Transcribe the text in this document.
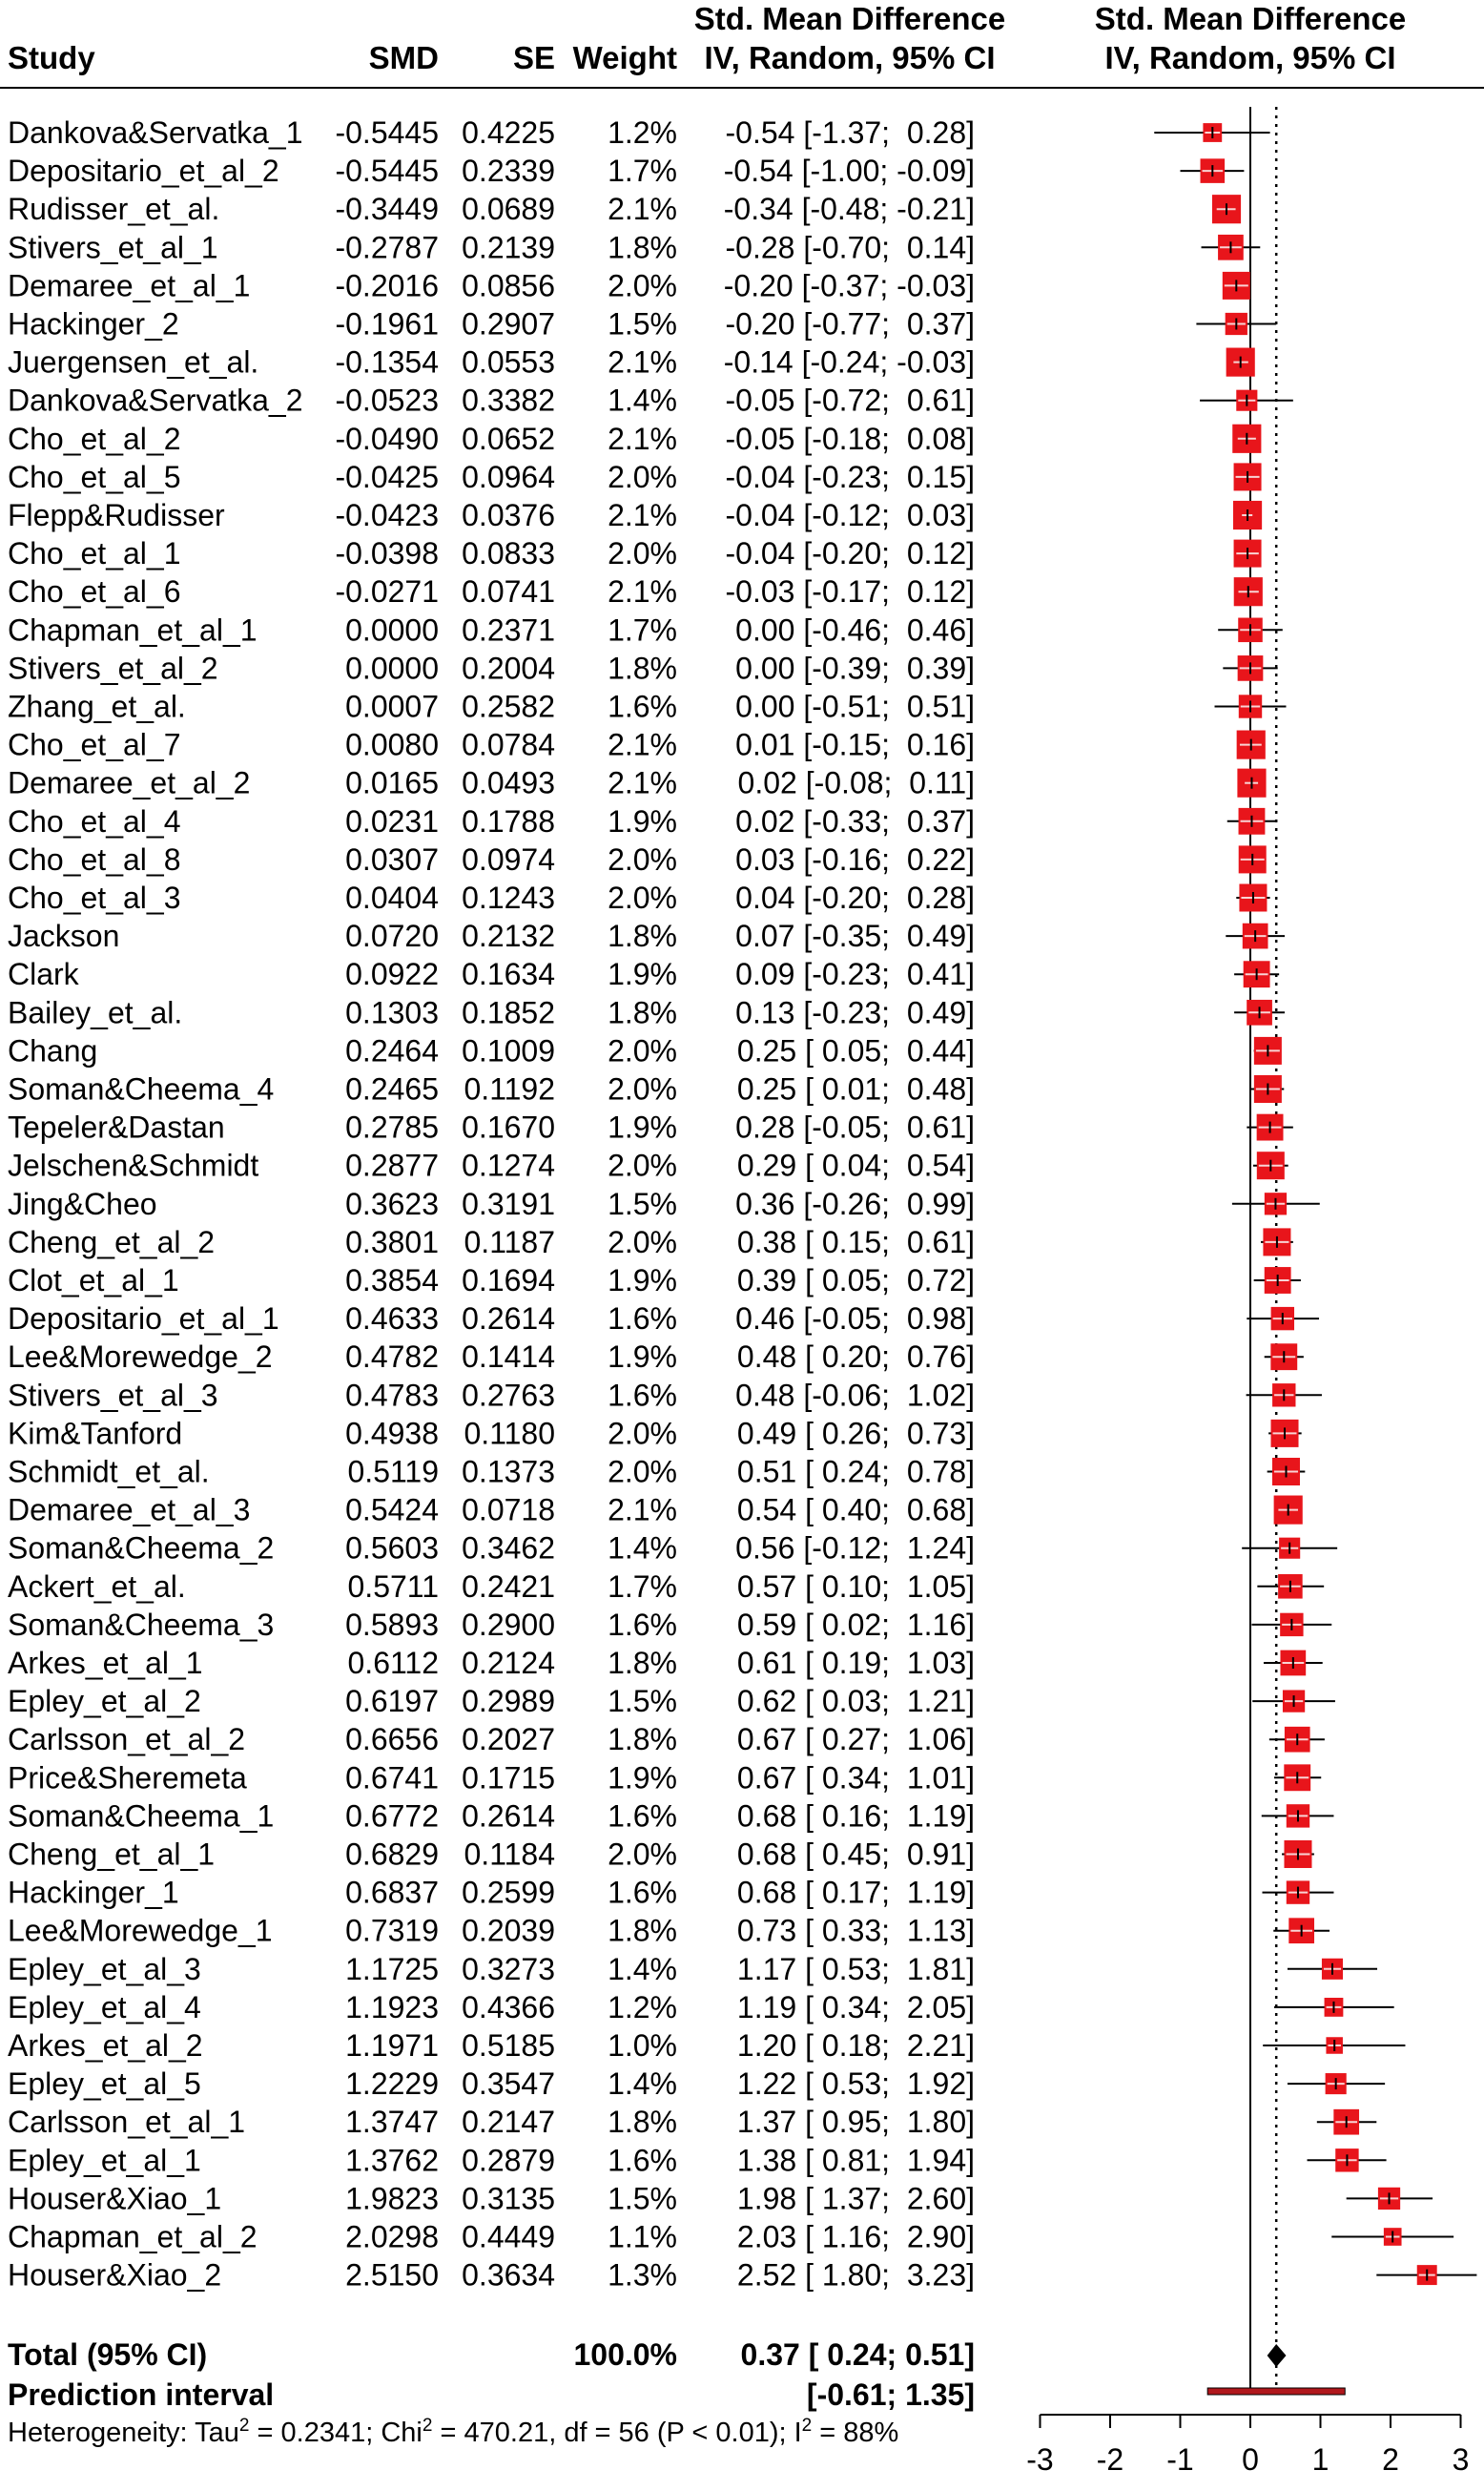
Study	SMD SE Weight
Std. Mean Difference
IV, Random, 95% CI
Std. Mean Difference
IV, Random, 95% CI
Dankova&Servatka_1 -0.5445 0.4225 1.2% -0.54 [-1.37;  0.28]
Depositario_et_al_2 -0.5445 0.2339 1.7% -0.54 [-1.00; -0.09]
Rudisser_et_al.	-0.3449 0.0689 2.1% -0.34 [-0.48; -0.21]
Stivers_et_al_1	-0.2787 0.2139 1.8% -0.28 [-0.70;  0.14]
Demaree_et_al_1	-0.2016 0.0856 2.0% -0.20 [-0.37; -0.03]
Hackinger_2	-0.1961 0.2907 1.5% -0.20 [-0.77;  0.37]
Juergensen_et_al.	-0.1354 0.0553 2.1% -0.14 [-0.24; -0.03]
Dankova&Servatka_2 -0.0523 0.3382 1.4% -0.05 [-0.72;  0.61]
Cho_et_al_2	-0.0490 0.0652 2.1% -0.05 [-0.18;  0.08]
Cho_et_al_5	-0.0425 0.0964 2.0% -0.04 [-0.23;  0.15]
Flepp&Rudisser	-0.0423 0.0376 2.1% -0.04 [-0.12;  0.03]
Cho_et_al_1	-0.0398 0.0833 2.0% -0.04 [-0.20;  0.12]
Cho_et_al_6	-0.0271 0.0741 2.1% -0.03 [-0.17;  0.12]
Chapman_et_al_1	0.0000 0.2371 1.7% 0.00 [-0.46;  0.46]
Stivers_et_al_2	0.0000 0.2004 1.8% 0.00 [-0.39;  0.39]
Zhang_et_al.	0.0007 0.2582 1.6% 0.00 [-0.51;  0.51]
Cho_et_al_7	0.0080 0.0784 2.1% 0.01 [-0.15;  0.16]
Demaree_et_al_2	0.0165 0.0493 2.1% 0.02 [-0.08;  0.11]
Cho_et_al_4	0.0231 0.1788 1.9% 0.02 [-0.33;  0.37]
Cho_et_al_8	0.0307 0.0974 2.0% 0.03 [-0.16;  0.22]
Cho_et_al_3	0.0404 0.1243 2.0% 0.04 [-0.20;  0.28]
Jackson	0.0720 0.2132 1.8% 0.07 [-0.35;  0.49]
Clark	0.0922 0.1634 1.9% 0.09 [-0.23;  0.41]
Bailey_et_al.	0.1303 0.1852 1.8% 0.13 [-0.23;  0.49]
Chang	0.2464 0.1009 2.0% 0.25 [ 0.05;  0.44]
Soman&Cheema_4 0.2465 0.1192 2.0% 0.25 [ 0.01;  0.48]
Tepeler&Dastan	0.2785 0.1670 1.9% 0.28 [-0.05;  0.61]
Jelschen&Schmidt	0.2877 0.1274 2.0% 0.29 [ 0.04;  0.54]
Jing&Cheo	0.3623 0.3191 1.5% 0.36 [-0.26;  0.99]
Cheng_et_al_2	0.3801 0.1187 2.0% 0.38 [ 0.15;  0.61]
Clot_et_al_1	0.3854 0.1694 1.9% 0.39 [ 0.05;  0.72]
Depositario_et_al_1 0.4633 0.2614 1.6% 0.46 [-0.05;  0.98]
Lee&Morewedge_2 0.4782 0.1414 1.9% 0.48 [ 0.20;  0.76]
Stivers_et_al_3	0.4783 0.2763 1.6% 0.48 [-0.06;  1.02]
Kim&Tanford	0.4938 0.1180 2.0% 0.49 [ 0.26;  0.73]
Schmidt_et_al.	0.5119 0.1373 2.0% 0.51 [ 0.24;  0.78]
Demaree_et_al_3	0.5424 0.0718 2.1% 0.54 [ 0.40;  0.68]
Soman&Cheema_2 0.5603 0.3462 1.4% 0.56 [-0.12;  1.24]
Ackert_et_al.	0.5711 0.2421 1.7% 0.57 [ 0.10;  1.05]
Soman&Cheema_3 0.5893 0.2900 1.6% 0.59 [ 0.02;  1.16]
Arkes_et_al_1	0.6112 0.2124 1.8% 0.61 [ 0.19;  1.03]
Epley_et_al_2	0.6197 0.2989 1.5% 0.62 [ 0.03;  1.21]
Carlsson_et_al_2	0.6656 0.2027 1.8% 0.67 [ 0.27;  1.06]
Price&Sheremeta	0.6741 0.1715 1.9% 0.67 [ 0.34;  1.01]
Soman&Cheema_1 0.6772 0.2614 1.6% 0.68 [ 0.16;  1.19]
Cheng_et_al_1	0.6829 0.1184 2.0% 0.68 [ 0.45;  0.91]
Hackinger_1	0.6837 0.2599 1.6% 0.68 [ 0.17;  1.19]
Lee&Morewedge_1 0.7319 0.2039 1.8% 0.73 [ 0.33;  1.13]
Epley_et_al_3	1.1725 0.3273 1.4% 1.17 [ 0.53;  1.81]
Epley_et_al_4	1.1923 0.4366 1.2% 1.19 [ 0.34;  2.05]
Arkes_et_al_2	1.1971 0.5185 1.0% 1.20 [ 0.18;  2.21]
Epley_et_al_5	1.2229 0.3547 1.4% 1.22 [ 0.53;  1.92]
Carlsson_et_al_1	1.3747 0.2147 1.8% 1.37 [ 0.95;  1.80]
Epley_et_al_1	1.3762 0.2879 1.6% 1.38 [ 0.81;  1.94]
Houser&Xiao_1	1.9823 0.3135 1.5% 1.98 [ 1.37;  2.60]
Chapman_et_al_2	2.0298 0.4449 1.1% 2.03 [ 1.16;  2.90]
Houser&Xiao_2	2.5150 0.3634 1.3% 2.52 [ 1.80;  3.23]
Total (95% CI)	100.0% 0.37 [ 0.24; 0.51]
Prediction interval	[-0.61; 1.35]
Heterogeneity: Tau$^2$ = 0.2341; Chi$^2$ = 470.21, df = 56 (P < 0.01); $I^2 = 88\%$
-3 -2 -1 0 1 2 3
